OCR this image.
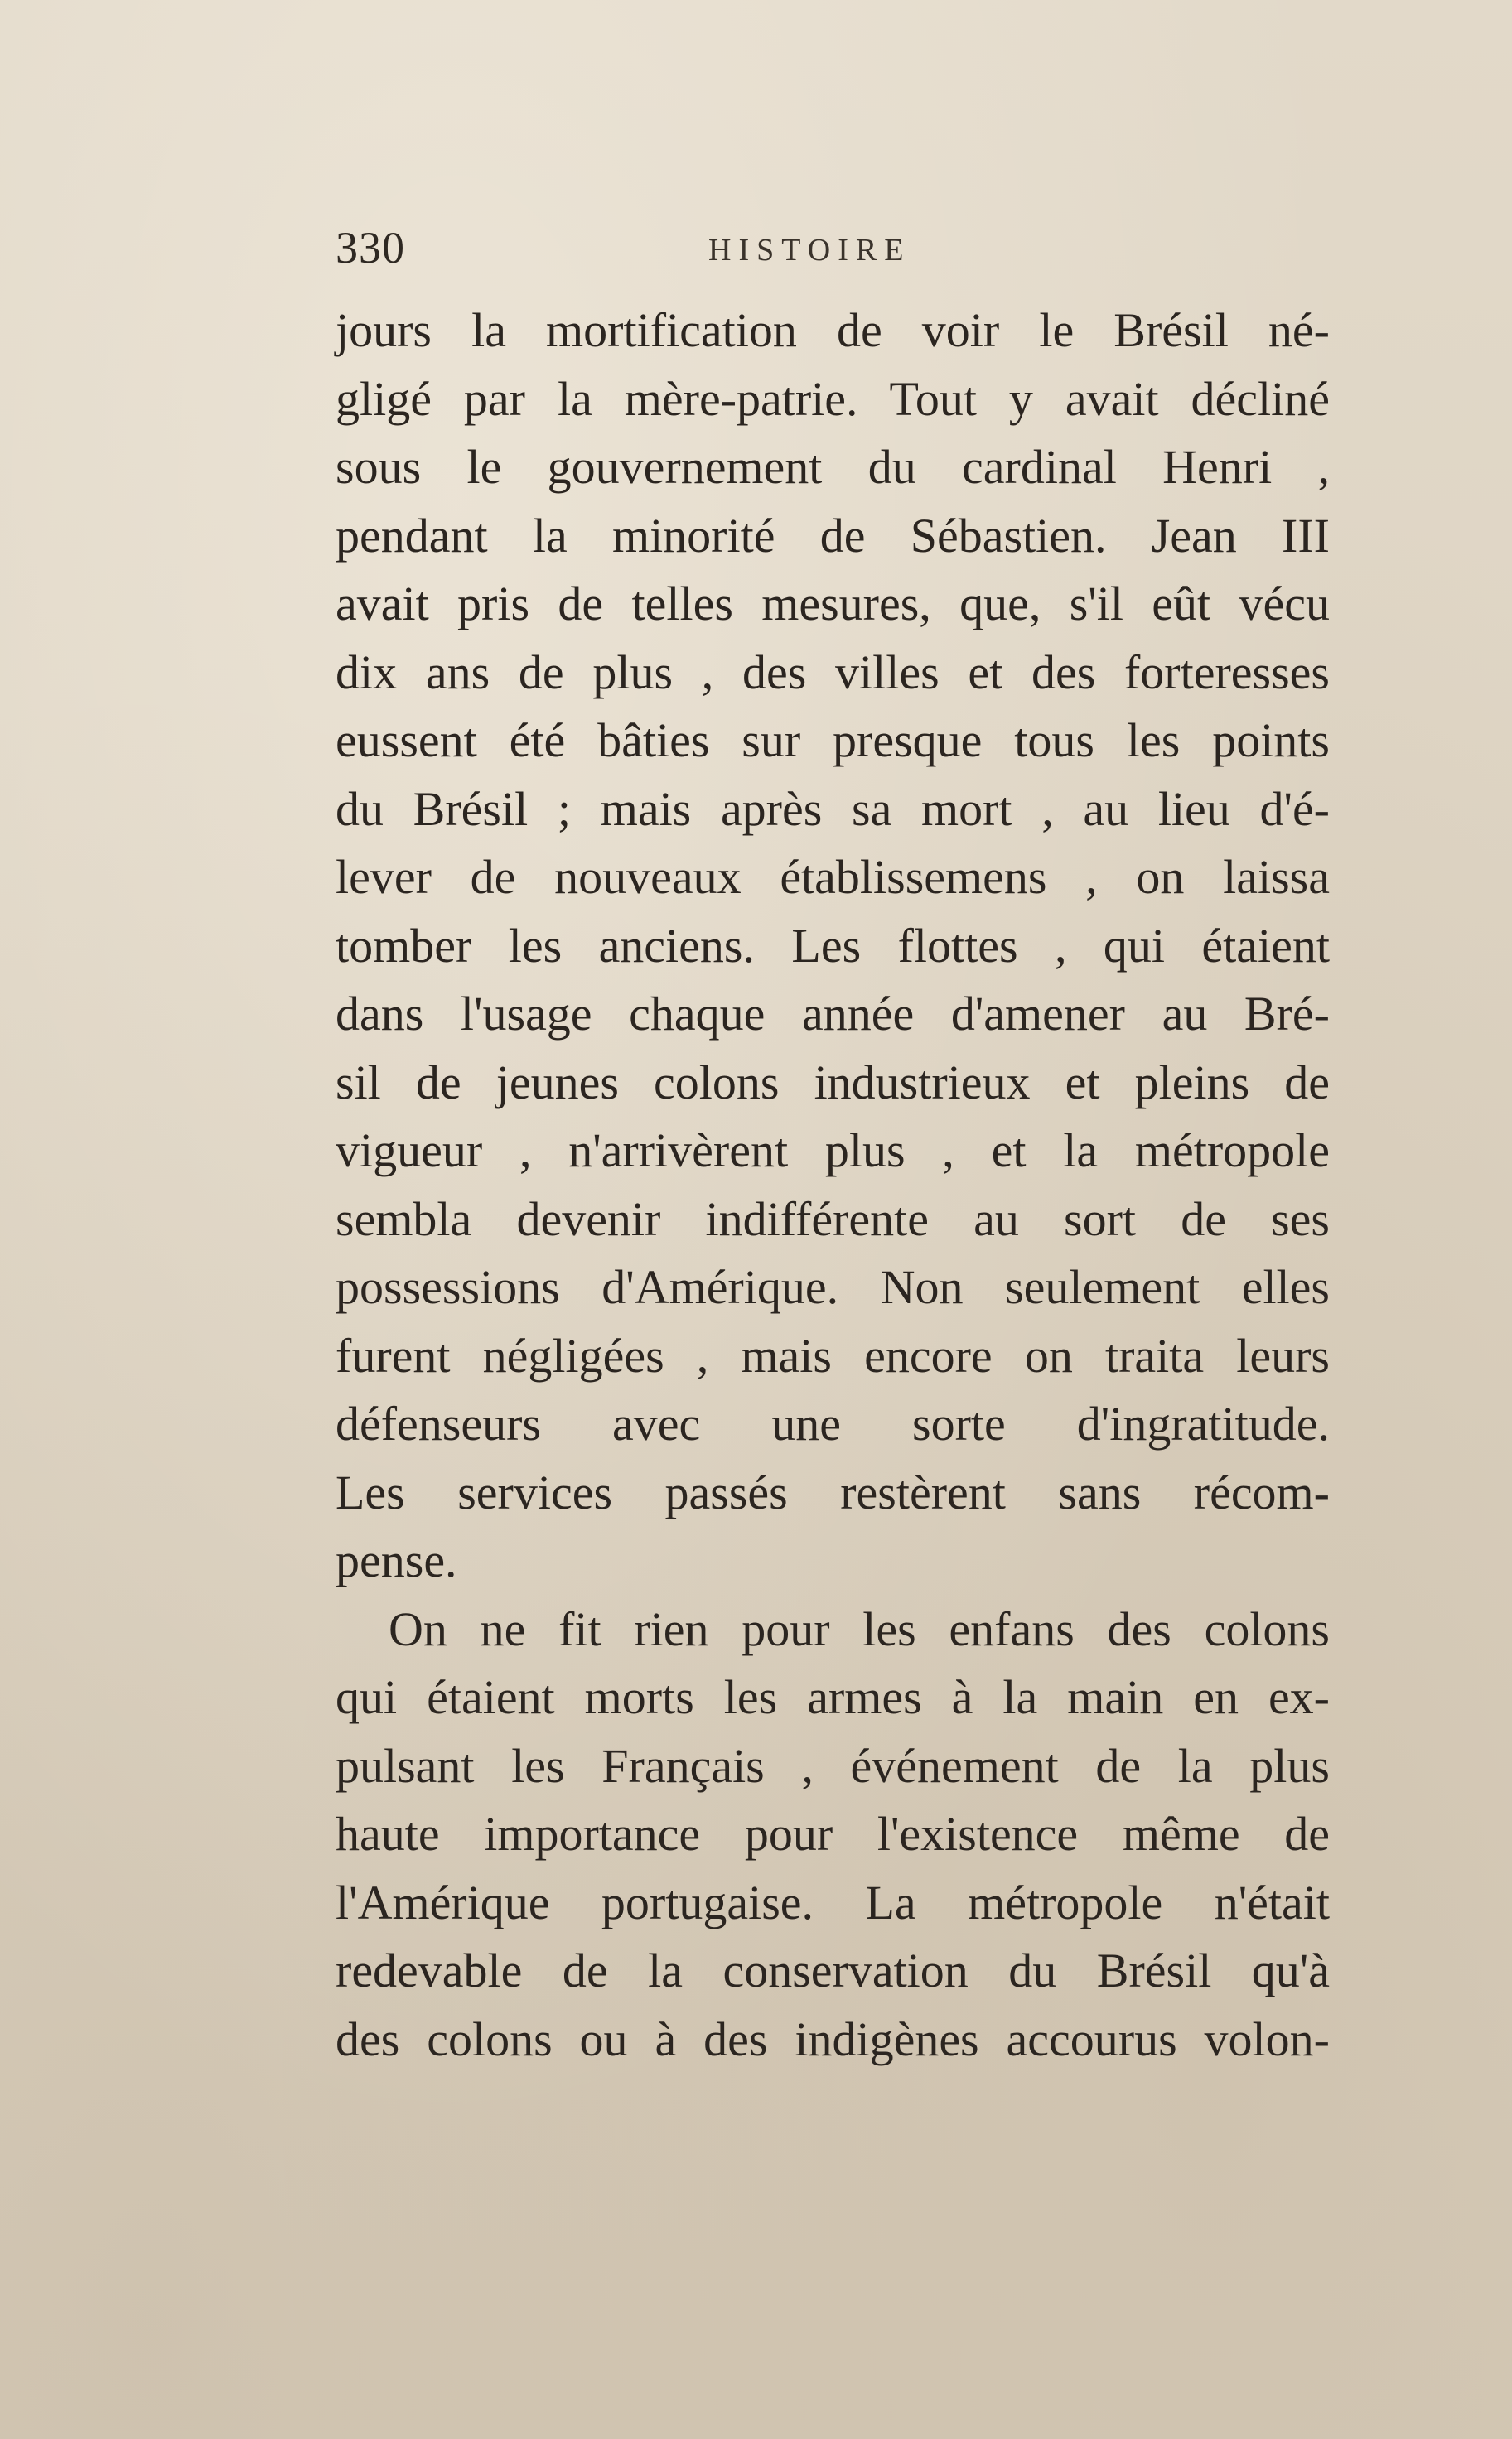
330	HISTOIRE
jours la mortification de voir le Brésil né-
gligé par la mère-patrie. Tout y avait décliné
sous le gouvernement du cardinal Henri ,
pendant la minorité de Sébastien. Jean III
avait pris de telles mesures, que, s'il eût vécu
dix ans de plus , des villes et des forteresses
eussent été bâties sur presque tous les points
du Brésil ; mais après sa mort , au lieu d'é-
lever de nouveaux établissemens , on laissa
tomber les anciens. Les flottes , qui étaient
dans l'usage chaque année d'amener au Bré-
sil de jeunes colons industrieux et pleins de
vigueur , n'arrivèrent plus , et la métropole
sembla devenir indifférente au sort de ses
possessions d'Amérique. Non seulement elles
furent négligées , mais encore on traita leurs
défenseurs avec une sorte d'ingratitude.
Les services passés restèrent sans récom-
pense.
On ne fit rien pour les enfans des colons
qui étaient morts les armes à la main en ex-
pulsant les Français , événement de la plus
haute importance pour l'existence même de
l'Amérique portugaise. La métropole n'était
redevable de la conservation du Brésil qu'à
des colons ou à des indigènes accourus volon-
